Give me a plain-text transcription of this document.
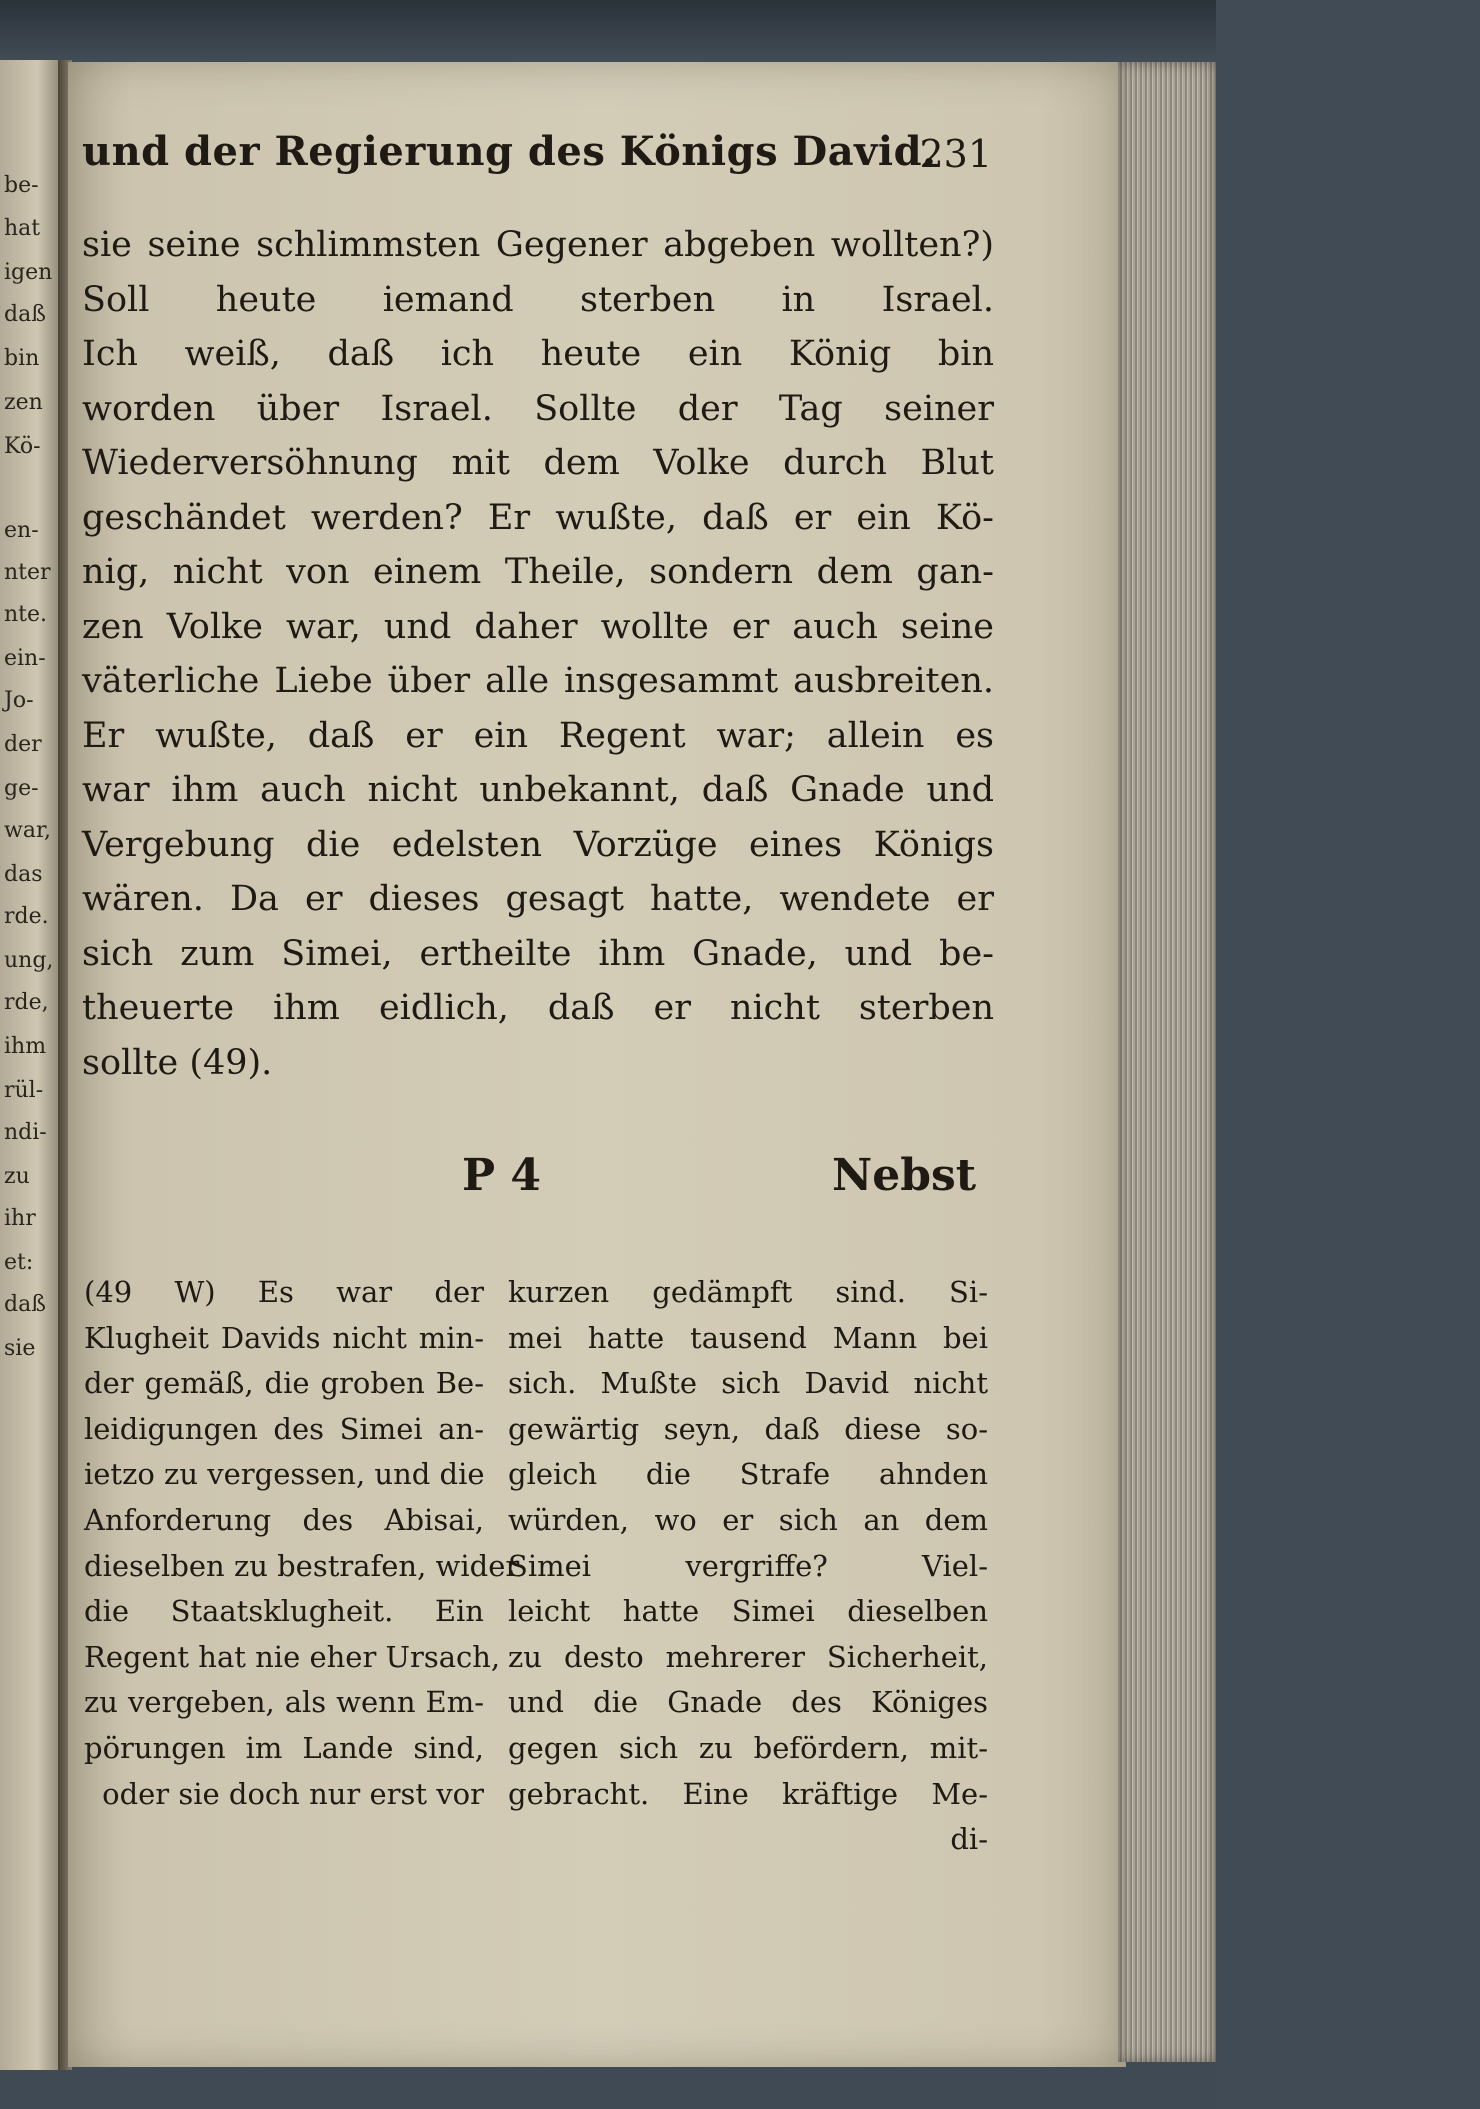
be-
hat
igen
daß
bin
zen
Kö-
en-
nter
nte.
ein-
Jo-
der
ge-
war,
das
rde.
ung,
rde,
ihm
rül-
ndi-
zu
ihr
et:
daß
sie
und der Regierung des Königs David.
231
sie seine schlimmsten Gegener abgeben wollten?)
Soll heute iemand sterben in Israel.
Ich weiß, daß ich heute ein König bin
worden über Israel. Sollte der Tag seiner
Wiederversöhnung mit dem Volke durch Blut
geschändet werden? Er wußte, daß er ein Kö-
nig, nicht von einem Theile, sondern dem gan-
zen Volke war, und daher wollte er auch seine
väterliche Liebe über alle insgesammt ausbreiten.
Er wußte, daß er ein Regent war; allein es
war ihm auch nicht unbekannt, daß Gnade und
Vergebung die edelsten Vorzüge eines Königs
wären. Da er dieses gesagt hatte, wendete er
sich zum Simei, ertheilte ihm Gnade, und be-
theuerte ihm eidlich, daß er nicht sterben
sollte (49).
P 4	Nebst
(49 W) Es war der
Klugheit Davids nicht min-
der gemäß, die groben Be-
leidigungen des Simei an-
ietzo zu vergessen, und die
Anforderung des Abisai,
dieselben zu bestrafen, wider
die Staatsklugheit. Ein
Regent hat nie eher Ursach,
zu vergeben, als wenn Em-
pörungen im Lande sind,
oder sie doch nur erst vor
kurzen gedämpft sind. Si-
mei hatte tausend Mann bei
sich. Mußte sich David nicht
gewärtig seyn, daß diese so-
gleich die Strafe ahnden
würden, wo er sich an dem
Simei vergriffe? Viel-
leicht hatte Simei dieselben
zu desto mehrerer Sicherheit,
und die Gnade des Königes
gegen sich zu befördern, mit-
gebracht. Eine kräftige Me-
di-
